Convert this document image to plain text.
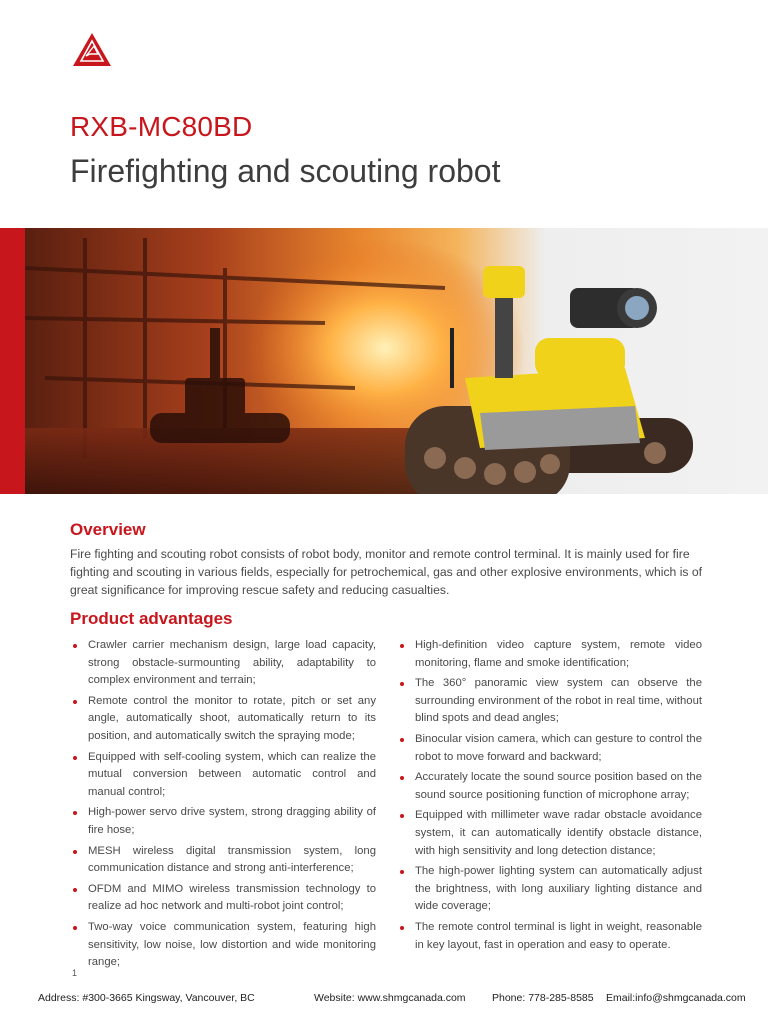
RXB-MC80BD
Firefighting and scouting robot
Overview

Fire fighting and scouting robot consists of robot body, monitor and remote control terminal. It is mainly used for fire fighting and scouting in various fields, especially for petrochemical, gas and other explosive environments, which is of great significance for improving rescue safety and reducing casualties.

Product advantages
Crawler carrier mechanism design, large load capacity, strong obstacle-surmounting ability, adaptability to complex environment and terrain;
Remote control the monitor to rotate, pitch or set any angle, automatically shoot, automatically return to its position, and automatically switch the spraying mode;
Equipped with self-cooling system, which can realize the mutual conversion between automatic control and manual control;
High-power servo drive system, strong dragging ability of fire hose;
MESH wireless digital transmission system, long communication distance and strong anti-interference;
OFDM and MIMO wireless transmission technology to realize ad hoc network and multi-robot joint control;
Two-way voice communication system, featuring high sensitivity, low noise, low distortion and wide monitoring range;
High-definition video capture system, remote video monitoring, flame and smoke identification;
The 360° panoramic view system can observe the surrounding environment of the robot in real time, without blind spots and dead angles;
Binocular vision camera, which can gesture to control the robot to move forward and backward;
Accurately locate the sound source position based on the sound source positioning function of microphone array;
Equipped with millimeter wave radar obstacle avoidance system, it can automatically identify obstacle distance, with high sensitivity and long detection distance;
The high-power lighting system can automatically adjust the brightness, with long auxiliary lighting distance and wide coverage;
The remote control terminal is light in weight, reasonable in key layout, fast in operation and easy to operate.
1
Address: #300-3665 Kingsway, Vancouver, BC	Website: www.shmgcanada.com	Phone: 778-285-8585 Email:info@shmgcanada.com
